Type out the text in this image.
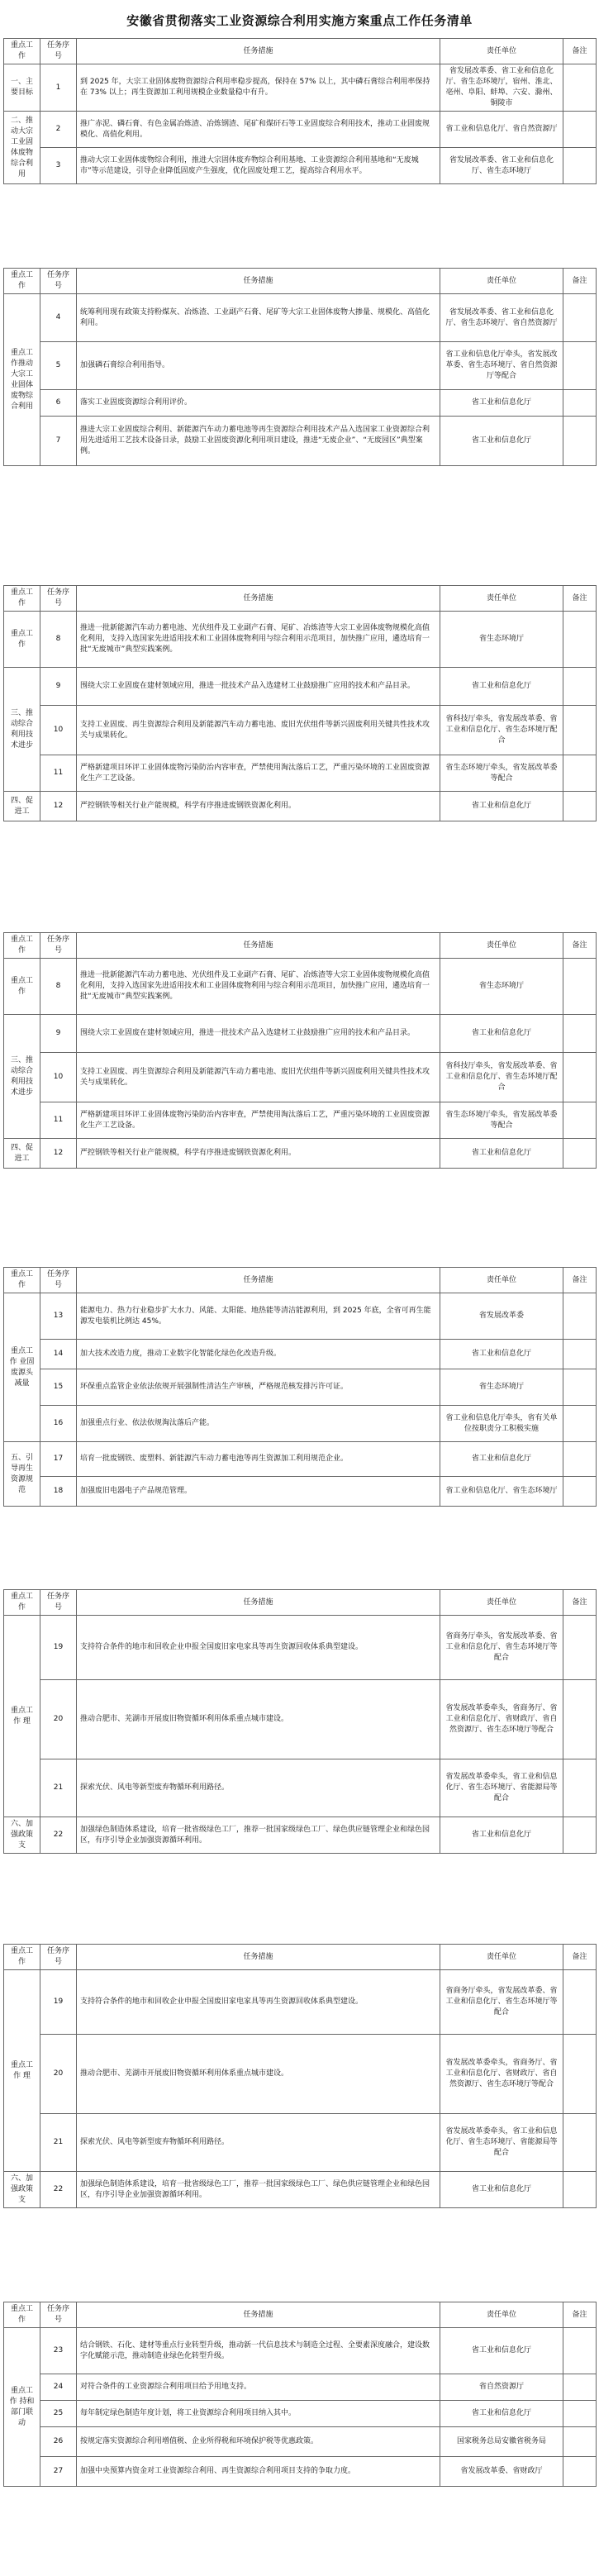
安徽省贯彻落实工业资源综合利用实施方案重点工作任务清单
重点工作	任务序号	任务措施	责任单位	备注
一、主要目标	1	到 2025 年，大宗工业固体废物资源综合利用率稳步提高，保持在 57% 以上，其中磷石膏综合利用率保持在 73% 以上；再生资源加工利用规模企业数量稳中有升。	省发展改革委、省工业和信息化厅、省生态环境厅，宿州、淮北、亳州、阜阳、蚌埠、六安、滁州、铜陵市	
二、推动大宗工业固体废物综合利用	2	推广赤泥、磷石膏、有色金属冶炼渣、冶炼钢渣、尾矿和煤矸石等工业固废综合利用技术，推动工业固废规模化、高值化利用。	省工业和信息化厅、省自然资源厅	
	3	推动大宗工业固体废物综合利用，推进大宗固体废弃物综合利用基地、工业资源综合利用基地和“无废城市”等示范建设，引导企业降低固废产生强度，优化固废处理工艺，提高综合利用水平。	省发展改革委、省工业和信息化厅、省生态环境厅	
重点工作	任务序号	任务措施	责任单位	备注
重点工作推动大宗工业固体废物综合利用	4	统筹利用现有政策支持粉煤灰、冶炼渣、工业副产石膏、尾矿等大宗工业固体废物大掺量、规模化、高值化利用。	省发展改革委、省工业和信息化厅、省生态环境厅、省自然资源厅	
	5	加强磷石膏综合利用指导。	省工业和信息化厅牵头，省发展改革委、省生态环境厅、省自然资源厅等配合	
	6	落实工业固废资源综合利用评价。	省工业和信息化厅	
	7	推进大宗工业固废综合利用、新能源汽车动力蓄电池等再生资源综合利用技术产品入选国家工业资源综合利用先进适用工艺技术设备目录，鼓励工业固废资源化利用项目建设，推进“无废企业”、“无废园区”典型案例。	省工业和信息化厅	
重点工作	任务序号	任务措施	责任单位	备注
重点工作	8	推进一批新能源汽车动力蓄电池、光伏组件及工业副产石膏、尾矿、冶炼渣等大宗工业固体废物规模化高值化利用，支持入选国家先进适用技术和工业固体废物利用与综合利用示范项目，加快推广应用，遴选培育一批“无废城市”典型实践案例。	省生态环境厅	
三、推动综合利用技术进步	9	围绕大宗工业固废在建材领域应用，推进一批技术产品入选建材工业鼓励推广应用的技术和产品目录。	省工业和信息化厅	
	10	支持工业固废、再生资源综合利用及新能源汽车动力蓄电池、废旧光伏组件等新兴固废利用关键共性技术攻关与成果转化。	省科技厅牵头，省发展改革委、省工业和信息化厅、省生态环境厅配合	
	11	严格新建项目环评工业固体废物污染防治内容审查，严禁使用淘汰落后工艺，严重污染环境的工业固废资源化生产工艺设备。	省生态环境厅牵头，省发展改革委等配合	
四、促进工	12	严控钢铁等相关行业产能规模，科学有序推进废钢铁资源化利用。	省工业和信息化厅	
重点工作	任务序号	任务措施	责任单位	备注
重点工作	8	推进一批新能源汽车动力蓄电池、光伏组件及工业副产石膏、尾矿、冶炼渣等大宗工业固体废物规模化高值化利用，支持入选国家先进适用技术和工业固体废物利用与综合利用示范项目，加快推广应用，遴选培育一批“无废城市”典型实践案例。	省生态环境厅	
三、推动综合利用技术进步	9	围绕大宗工业固废在建材领域应用，推进一批技术产品入选建材工业鼓励推广应用的技术和产品目录。	省工业和信息化厅	
	10	支持工业固废、再生资源综合利用及新能源汽车动力蓄电池、废旧光伏组件等新兴固废利用关键共性技术攻关与成果转化。	省科技厅牵头，省发展改革委、省工业和信息化厅、省生态环境厅配合	
	11	严格新建项目环评工业固体废物污染防治内容审查，严禁使用淘汰落后工艺，严重污染环境的工业固废资源化生产工艺设备。	省生态环境厅牵头，省发展改革委等配合	
四、促进工	12	严控钢铁等相关行业产能规模，科学有序推进废钢铁资源化利用。	省工业和信息化厅	
重点工作	任务序号	任务措施	责任单位	备注
重点工作 业固废源头减量	13	能源电力、热力行业稳步扩大水力、风能、太阳能、地热能等清洁能源利用，到 2025 年底，全省可再生能源发电装机比例达 45%。	省发展改革委	
	14	加大技术改造力度，推动工业数字化智能化绿色化改造升级。	省工业和信息化厅	
	15	环保重点监管企业依法依规开展强制性清洁生产审核，严格规范核发排污许可证。	省生态环境厅	
	16	加强重点行业、依法依规淘汰落后产能。	省工业和信息化厅牵头，省有关单位按职责分工积极实施	
五、引导再生资源规范	17	培育一批废钢铁、废塑料、新能源汽车动力蓄电池等再生资源加工利用规范企业。	省工业和信息化厅	
	18	加强废旧电器电子产品规范管理。	省工业和信息化厅、省生态环境厅	
重点工作	任务序号	任务措施	责任单位	备注
重点工作 理	19	支持符合条件的地市和回收企业申报全国废旧家电家具等再生资源回收体系典型建设。	省商务厅牵头，省发展改革委、省工业和信息化厅、省生态环境厅等配合	
	20	推动合肥市、芜湖市开展废旧物资循环利用体系重点城市建设。	省发展改革委牵头，省商务厅、省工业和信息化厅、省财政厅、省自然资源厅、省生态环境厅等配合	
	21	探索光伏、风电等新型废弃物循环利用路径。	省发展改革委牵头，省工业和信息化厅、省生态环境厅、省能源局等配合	
六、加强政策支	22	加强绿色制造体系建设，培育一批省级绿色工厂，推荐一批国家级绿色工厂、绿色供应链管理企业和绿色园区，有序引导企业加强资源循环利用。	省工业和信息化厅	
重点工作	任务序号	任务措施	责任单位	备注
重点工作 理	19	支持符合条件的地市和回收企业申报全国废旧家电家具等再生资源回收体系典型建设。	省商务厅牵头，省发展改革委、省工业和信息化厅、省生态环境厅等配合	
	20	推动合肥市、芜湖市开展废旧物资循环利用体系重点城市建设。	省发展改革委牵头，省商务厅、省工业和信息化厅、省财政厅、省自然资源厅、省生态环境厅等配合	
	21	探索光伏、风电等新型废弃物循环利用路径。	省发展改革委牵头，省工业和信息化厅、省生态环境厅、省能源局等配合	
六、加强政策支	22	加强绿色制造体系建设，培育一批省级绿色工厂，推荐一批国家级绿色工厂、绿色供应链管理企业和绿色园区，有序引导企业加强资源循环利用。	省工业和信息化厅	
重点工作	任务序号	任务措施	责任单位	备注
重点工作 持和部门联动	23	结合钢铁、石化、建材等重点行业转型升级，推动新一代信息技术与制造全过程、全要素深度融合，建设数字化赋能示范，推动制造业绿色化转型升级。	省工业和信息化厅	
	24	对符合条件的工业资源综合利用项目给予用地支持。	省自然资源厅	
	25	每年制定绿色制造年度计划，将工业资源综合利用项目纳入其中。	省工业和信息化厅	
	26	按规定落实资源综合利用增值税、企业所得税和环境保护税等优惠政策。	国家税务总局安徽省税务局	
	27	加强中央预算内资金对工业资源综合利用、再生资源综合利用项目支持的争取力度。	省发展改革委、省财政厅	
